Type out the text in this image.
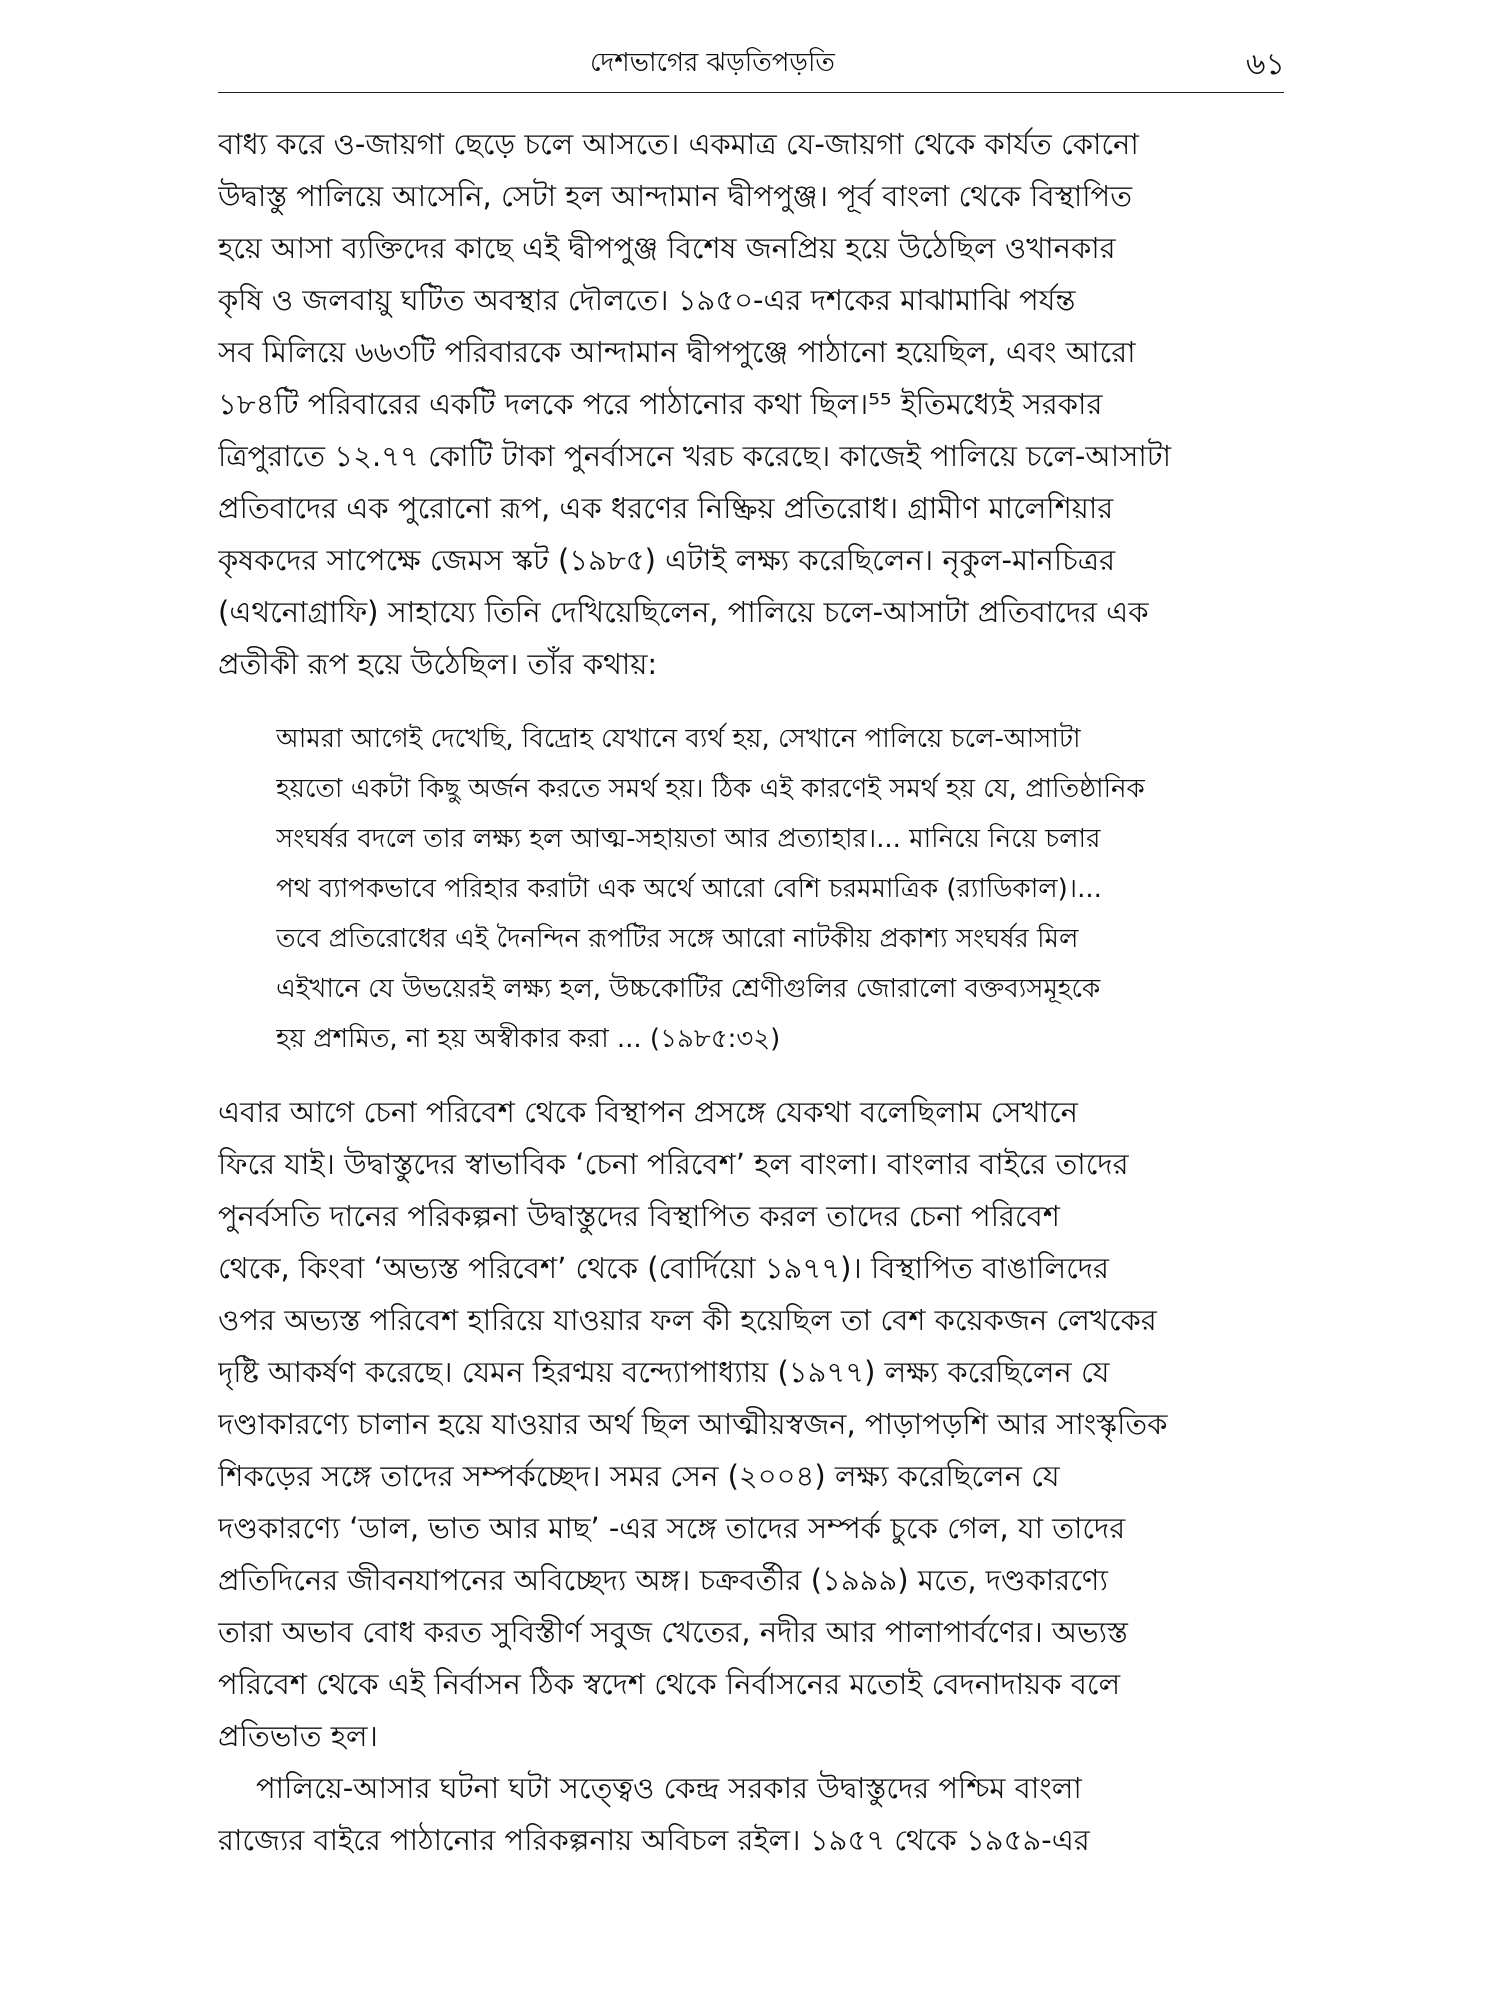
দেশভাগের ঝড়তিপড়তি	৬১
বাধ্য করে ও-জায়গা ছেড়ে চলে আসতে। একমাত্র যে-জায়গা থেকে কার্যত কোনো
উদ্বাস্তু পালিয়ে আসেনি, সেটা হল আন্দামান দ্বীপপুঞ্জ। পূর্ব বাংলা থেকে বিস্থাপিত
হয়ে আসা ব্যক্তিদের কাছে এই দ্বীপপুঞ্জ বিশেষ জনপ্রিয় হয়ে উঠেছিল ওখানকার
কৃষি ও জলবায়ু ঘটিত অবস্থার দৌলতে। ১৯৫০-এর দশকের মাঝামাঝি পর্যন্ত
সব মিলিয়ে ৬৬৩টি পরিবারকে আন্দামান দ্বীপপুঞ্জে পাঠানো হয়েছিল, এবং আরো
১৮৪টি পরিবারের একটি দলকে পরে পাঠানোর কথা ছিল।⁵⁵ ইতিমধ্যেই সরকার
ত্রিপুরাতে ১২.৭৭ কোটি টাকা পুনর্বাসনে খরচ করেছে। কাজেই পালিয়ে চলে-আসাটা
প্রতিবাদের এক পুরোনো রূপ, এক ধরণের নিষ্ক্রিয় প্রতিরোধ। গ্রামীণ মালেশিয়ার
কৃষকদের সাপেক্ষে জেমস স্কট (১৯৮৫) এটাই লক্ষ্য করেছিলেন। নৃকুল-মানচিত্রর
(এথনোগ্রাফি) সাহায্যে তিনি দেখিয়েছিলেন, পালিয়ে চলে-আসাটা প্রতিবাদের এক
প্রতীকী রূপ হয়ে উঠেছিল। তাঁর কথায়:
আমরা আগেই দেখেছি, বিদ্রোহ যেখানে ব্যর্থ হয়, সেখানে পালিয়ে চলে-আসাটা
হয়তো একটা কিছু অর্জন করতে সমর্থ হয়। ঠিক এই কারণেই সমর্থ হয় যে, প্রাতিষ্ঠানিক
সংঘর্ষর বদলে তার লক্ষ্য হল আত্ম-সহায়তা আর প্রত্যাহার।... মানিয়ে নিয়ে চলার
পথ ব্যাপকভাবে পরিহার করাটা এক অর্থে আরো বেশি চরমমাত্রিক (র‍্যাডিকাল)।...
তবে প্রতিরোধের এই দৈনন্দিন রূপটির সঙ্গে আরো নাটকীয় প্রকাশ্য সংঘর্ষর মিল
এইখানে যে উভয়েরই লক্ষ্য হল, উচ্চকোটির শ্রেণীগুলির জোরালো বক্তব্যসমূহকে
হয় প্রশমিত, না হয় অস্বীকার করা ... (১৯৮৫:৩২)
এবার আগে চেনা পরিবেশ থেকে বিস্থাপন প্রসঙ্গে যেকথা বলেছিলাম সেখানে
ফিরে যাই। উদ্বাস্তুদের স্বাভাবিক ‘চেনা পরিবেশ’ হল বাংলা। বাংলার বাইরে তাদের
পুনর্বসতি দানের পরিকল্পনা উদ্বাস্তুদের বিস্থাপিত করল তাদের চেনা পরিবেশ
থেকে, কিংবা ‘অভ্যস্ত পরিবেশ’ থেকে (বোর্দিয়ো ১৯৭৭)। বিস্থাপিত বাঙালিদের
ওপর অভ্যস্ত পরিবেশ হারিয়ে যাওয়ার ফল কী হয়েছিল তা বেশ কয়েকজন লেখকের
দৃষ্টি আকর্ষণ করেছে। যেমন হিরণ্ময় বন্দ্যোপাধ্যায় (১৯৭৭) লক্ষ্য করেছিলেন যে
দণ্ডাকারণ্যে চালান হয়ে যাওয়ার অর্থ ছিল আত্মীয়স্বজন, পাড়াপড়শি আর সাংস্কৃতিক
শিকড়ের সঙ্গে তাদের সম্পর্কচ্ছেদ। সমর সেন (২০০৪) লক্ষ্য করেছিলেন যে
দণ্ডকারণ্যে ‘ডাল, ভাত আর মাছ’ -এর সঙ্গে তাদের সম্পর্ক চুকে গেল, যা তাদের
প্রতিদিনের জীবনযাপনের অবিচ্ছেদ্য অঙ্গ। চক্রবর্তীর (১৯৯৯) মতে, দণ্ডকারণ্যে
তারা অভাব বোধ করত সুবিস্তীর্ণ সবুজ খেতের, নদীর আর পালাপার্বণের। অভ্যস্ত
পরিবেশ থেকে এই নির্বাসন ঠিক স্বদেশ থেকে নির্বাসনের মতোই বেদনাদায়ক বলে
প্রতিভাত হল।
পালিয়ে-আসার ঘটনা ঘটা সত্ত্বেও কেন্দ্র সরকার উদ্বাস্তুদের পশ্চিম বাংলা
রাজ্যের বাইরে পাঠানোর পরিকল্পনায় অবিচল রইল। ১৯৫৭ থেকে ১৯৫৯-এর
